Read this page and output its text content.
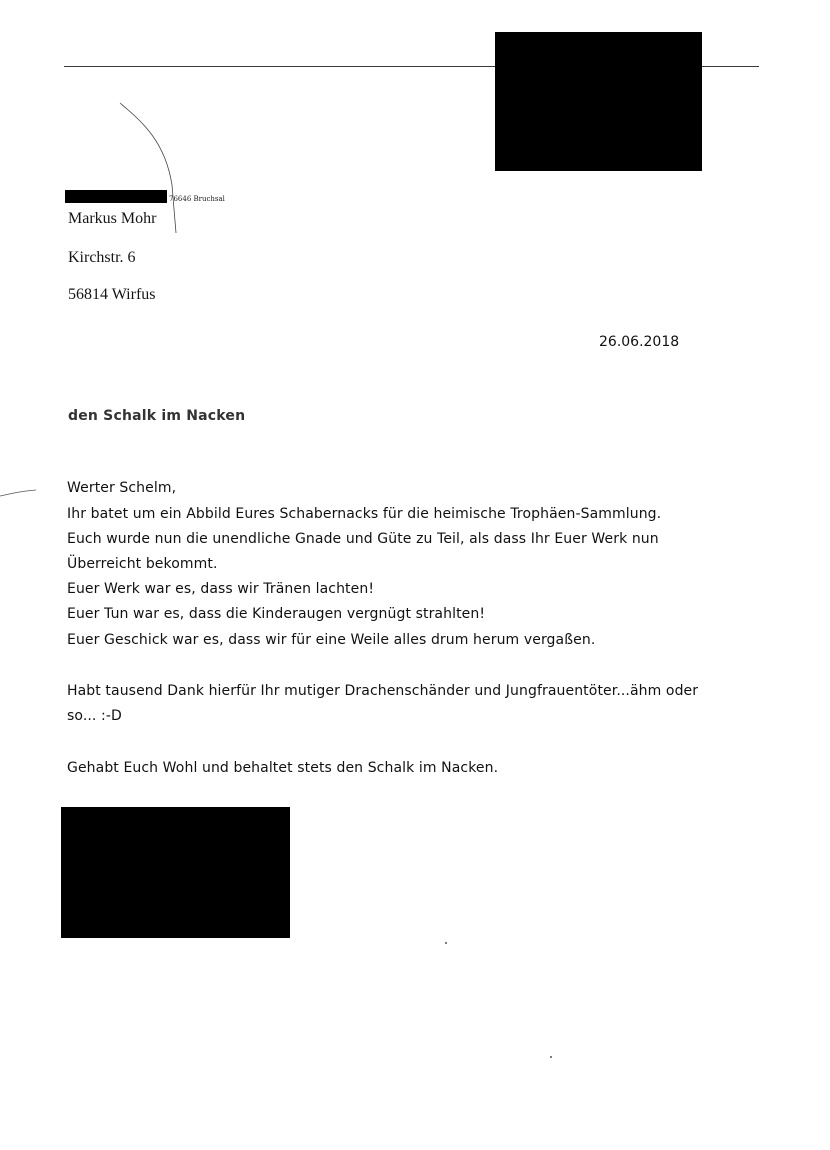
76646 Bruchsal
Markus Mohr
Kirchstr. 6
56814 Wirfus
26.06.2018
den Schalk im Nacken
Werter Schelm,
Ihr batet um ein Abbild Eures Schabernacks für die heimische Trophäen-Sammlung.
Euch wurde nun die unendliche Gnade und Güte zu Teil, als dass Ihr Euer Werk nun
Überreicht bekommt.
Euer Werk war es, dass wir Tränen lachten!
Euer Tun war es, dass die Kinderaugen vergnügt strahlten!
Euer Geschick war es, dass wir für eine Weile alles drum herum vergaßen.
Habt tausend Dank hierfür Ihr mutiger Drachenschänder und Jungfrauentöter...ähm oder
so... :-D
Gehabt Euch Wohl und behaltet stets den Schalk im Nacken.
